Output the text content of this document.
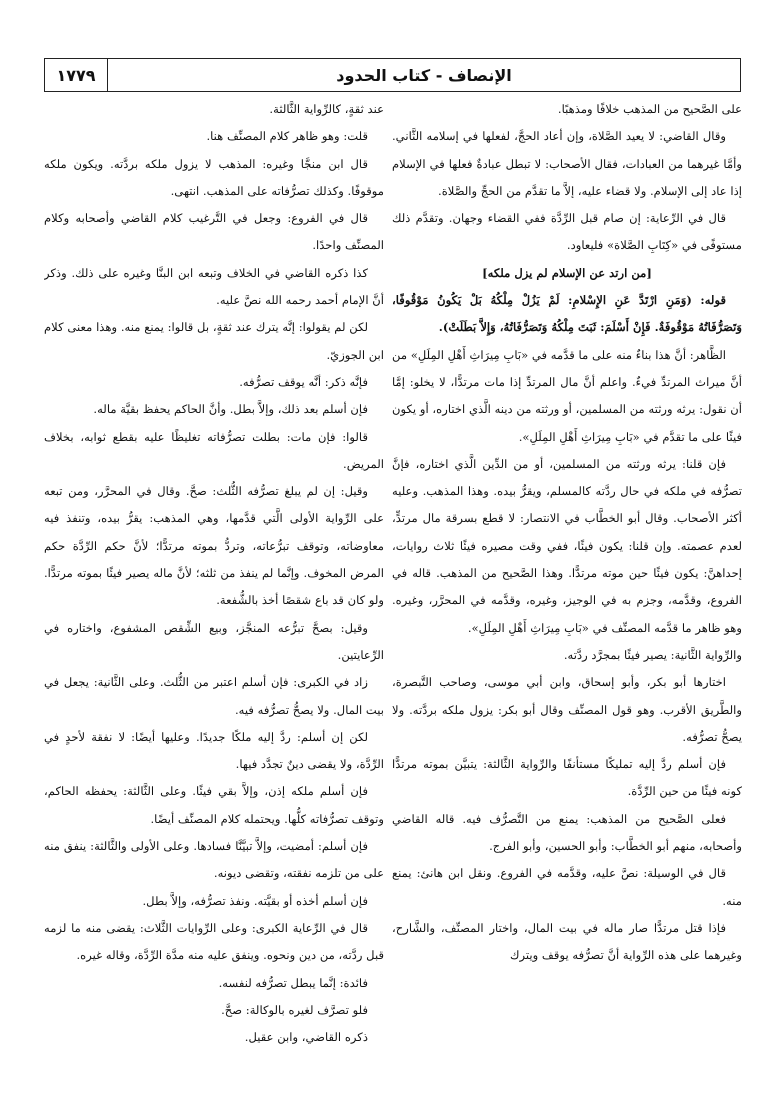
١٧٧٩	الإنصاف - كتاب الحدود

على الصَّحيح من المذهب خلافًا ومذهبًا.

وقال القاضي: لا يعيد الصَّلاة، وإن أعاد الحجَّ، لفعلها في إسلامه الثَّاني. وأمَّا غيرهما من العبادات، فقال الأصحاب: لا تبطل عبادةٌ فعلها في الإسلام إذا عاد إلى الإسلام. ولا قضاء عليه، إلاَّ ما تقدَّم من الحجِّ والصَّلاة.

قال في الرِّعاية: إن صام قبل الرِّدَّة ففي القضاء وجهان. وتقدَّم ذلك مستوفًى في «كِتَابِ الصَّلاة» فليعاود.

[من ارتد عن الإسلام لم يزل ملكه]

قوله: (وَمَنِ ارْتَدَّ عَنِ الإِسْلامِ: لَمْ يَزُلْ مِلْكُهُ بَلْ يَكُونُ مَوْقُوفًا، وَتَصَرُّفَاتُهُ مَوْقُوفَةٌ. فَإِنْ أَسْلَمَ: ثَبَتَ مِلْكُهُ وَتَصَرُّفَاتُهُ، وَإِلاَّ بَطَلَتْ).

الظَّاهر: أنَّ هذا بناءٌ منه على ما قدَّمه في «بَابِ مِيرَاثِ أَهْلِ المِلَلِ» من أنَّ ميراث المرتدِّ فيءٌ. واعلم أنَّ مال المرتدِّ إذا مات مرتدًّا، لا يخلو: إمَّا أن نقول: يرثه ورثته من المسلمين، أو ورثته من دينه الَّذي اختاره، أو يكون فيئًا على ما تقدَّم في «بَابِ مِيرَاثِ أَهْلِ المِلَلِ».

فإن قلنا: يرثه ورثته من المسلمين، أو من الدِّين الَّذي اختاره، فإنَّ تصرُّفه في ملكه في حال ردَّته كالمسلم، ويقرُّ بيده. وهذا المذهب. وعليه أكثر الأصحاب. وقال أبو الخطَّاب في الانتصار: لا قطع بسرقة مال مرتدٍّ، لعدم عصمته. وإن قلنا: يكون فيئًا، ففي وقت مصيره فيئًا ثلاث روايات، إحداهنَّ: يكون فيئًا حين موته مرتدًّا. وهذا الصَّحيح من المذهب. قاله في الفروع، وقدَّمه، وجزم به في الوجيز، وغيره، وقدَّمه في المحرَّر، وغيره. وهو ظاهر ما قدَّمه المصنِّف في «بَابِ مِيرَاثِ أَهْلِ المِلَلِ».

والرِّواية الثَّانية: يصير فيئًا بمجرَّد ردَّته.

اختارها أبو بكر، وأبو إسحاق، وابن أبي موسى، وصاحب التَّبصرة، والطَّريق الأقرب. وهو قول المصنِّف وقال أبو بكر: يزول ملكه بردَّته. ولا يصحُّ تصرُّفه.

فإن أسلم ردَّ إليه تمليكًا مستأنفًا والرِّواية الثَّالثة: يتبيَّن بموته مرتدًّا كونه فيئًا من حين الرِّدَّة.

فعلى الصَّحيح من المذهب: يمنع من التَّصرُّف فيه. قاله القاضي وأصحابه، منهم أبو الخطَّاب: وأبو الحسين، وأبو الفرج.

قال في الوسيلة: نصَّ عليه، وقدَّمه في الفروع. ونقل ابن هانئ: يمنع منه.

فإذا قتل مرتدًّا صار ماله في بيت المال، واختار المصنِّف، والشَّارح، وغيرهما على هذه الرِّواية أنَّ تصرُّفه يوقف ويترك

عند ثقةٍ، كالرِّواية الثَّالثة.

قلت: وهو ظاهر كلام المصنِّف هنا.

قال ابن منجَّا وغيره: المذهب لا يزول ملكه بردَّته. ويكون ملكه موقوفًا. وكذلك تصرُّفاته على المذهب. انتهى.

قال في الفروع: وجعل في التَّرغيب كلام القاضي وأصحابه وكلام المصنِّف واحدًا.

كذا ذكره القاضي في الخلاف وتبعه ابن البنَّا وغيره على ذلك. وذكر أنَّ الإمام أحمد رحمه الله نصَّ عليه.

لكن لم يقولوا: إنَّه يترك عند ثقةٍ، بل قالوا: يمنع منه. وهذا معنى كلام ابن الجوزيّ.

فإنَّه ذكر: أنَّه يوقف تصرُّفه.

فإن أسلم بعد ذلك، وإلاَّ بطل. وأنَّ الحاكم يحفظ بقيَّة ماله.

قالوا: فإن مات: بطلت تصرُّفاته تغليظًا عليه بقطع ثوابه، بخلاف المريض.

وقيل: إن لم يبلغ تصرُّفه الثُّلث: صحَّ. وقال في المحرَّر، ومن تبعه على الرِّواية الأولى الَّتي قدَّمها، وهي المذهب: يقرُّ بيده، وتنفذ فيه معاوضاته، وتوقف تبرُّعاته، وتردُّ بموته مرتدًّا؛ لأنَّ حكم الرِّدَّة حكم المرض المخوف. وإنَّما لم ينفذ من ثلثه؛ لأنَّ ماله يصير فيئًا بموته مرتدًّا. ولو كان قد باع شقصًا أخذ بالشُّفعة.

وقيل: بصحَّ تبرُّعه المنجَّز، وبيع الشِّقص المشفوع، واختاره في الرِّعايتين.

زاد في الكبرى: فإن أسلم اعتبر من الثُّلث. وعلى الثَّانية: يجعل في بيت المال. ولا يصحُّ تصرُّفه فيه.

لكن إن أسلم: ردَّ إليه ملكًا جديدًا. وعليها أيضًا: لا نفقة لأحدٍ في الرِّدَّة، ولا يقضى دينٌ تجدَّد فيها.

فإن أسلم ملكه إذن، وإلاَّ بقي فيئًا. وعلى الثَّالثة: يحفظه الحاكم، وتوقف تصرُّفاته كلُّها. ويحتمله كلام المصنِّف أيضًا.

فإن أسلم: أمضيت، وإلاَّ تبيَّنَّا فسادها. وعلى الأولى والثَّالثة: ينفق منه على من تلزمه نفقته، وتقضى ديونه.

فإن أسلم أخذه أو بقيَّته. ونفذ تصرُّفه، وإلاَّ بطل.

قال في الرِّعاية الكبرى: وعلى الرِّوايات الثَّلاث: يقضى منه ما لزمه قبل ردَّته، من دين ونحوه. وينفق عليه منه مدَّة الرِّدَّة، وقاله غيره.

فائدة: إنَّما يبطل تصرُّفه لنفسه.

فلو تصرَّف لغيره بالوكالة: صحَّ.

ذكره القاضي، وابن عقيل.
